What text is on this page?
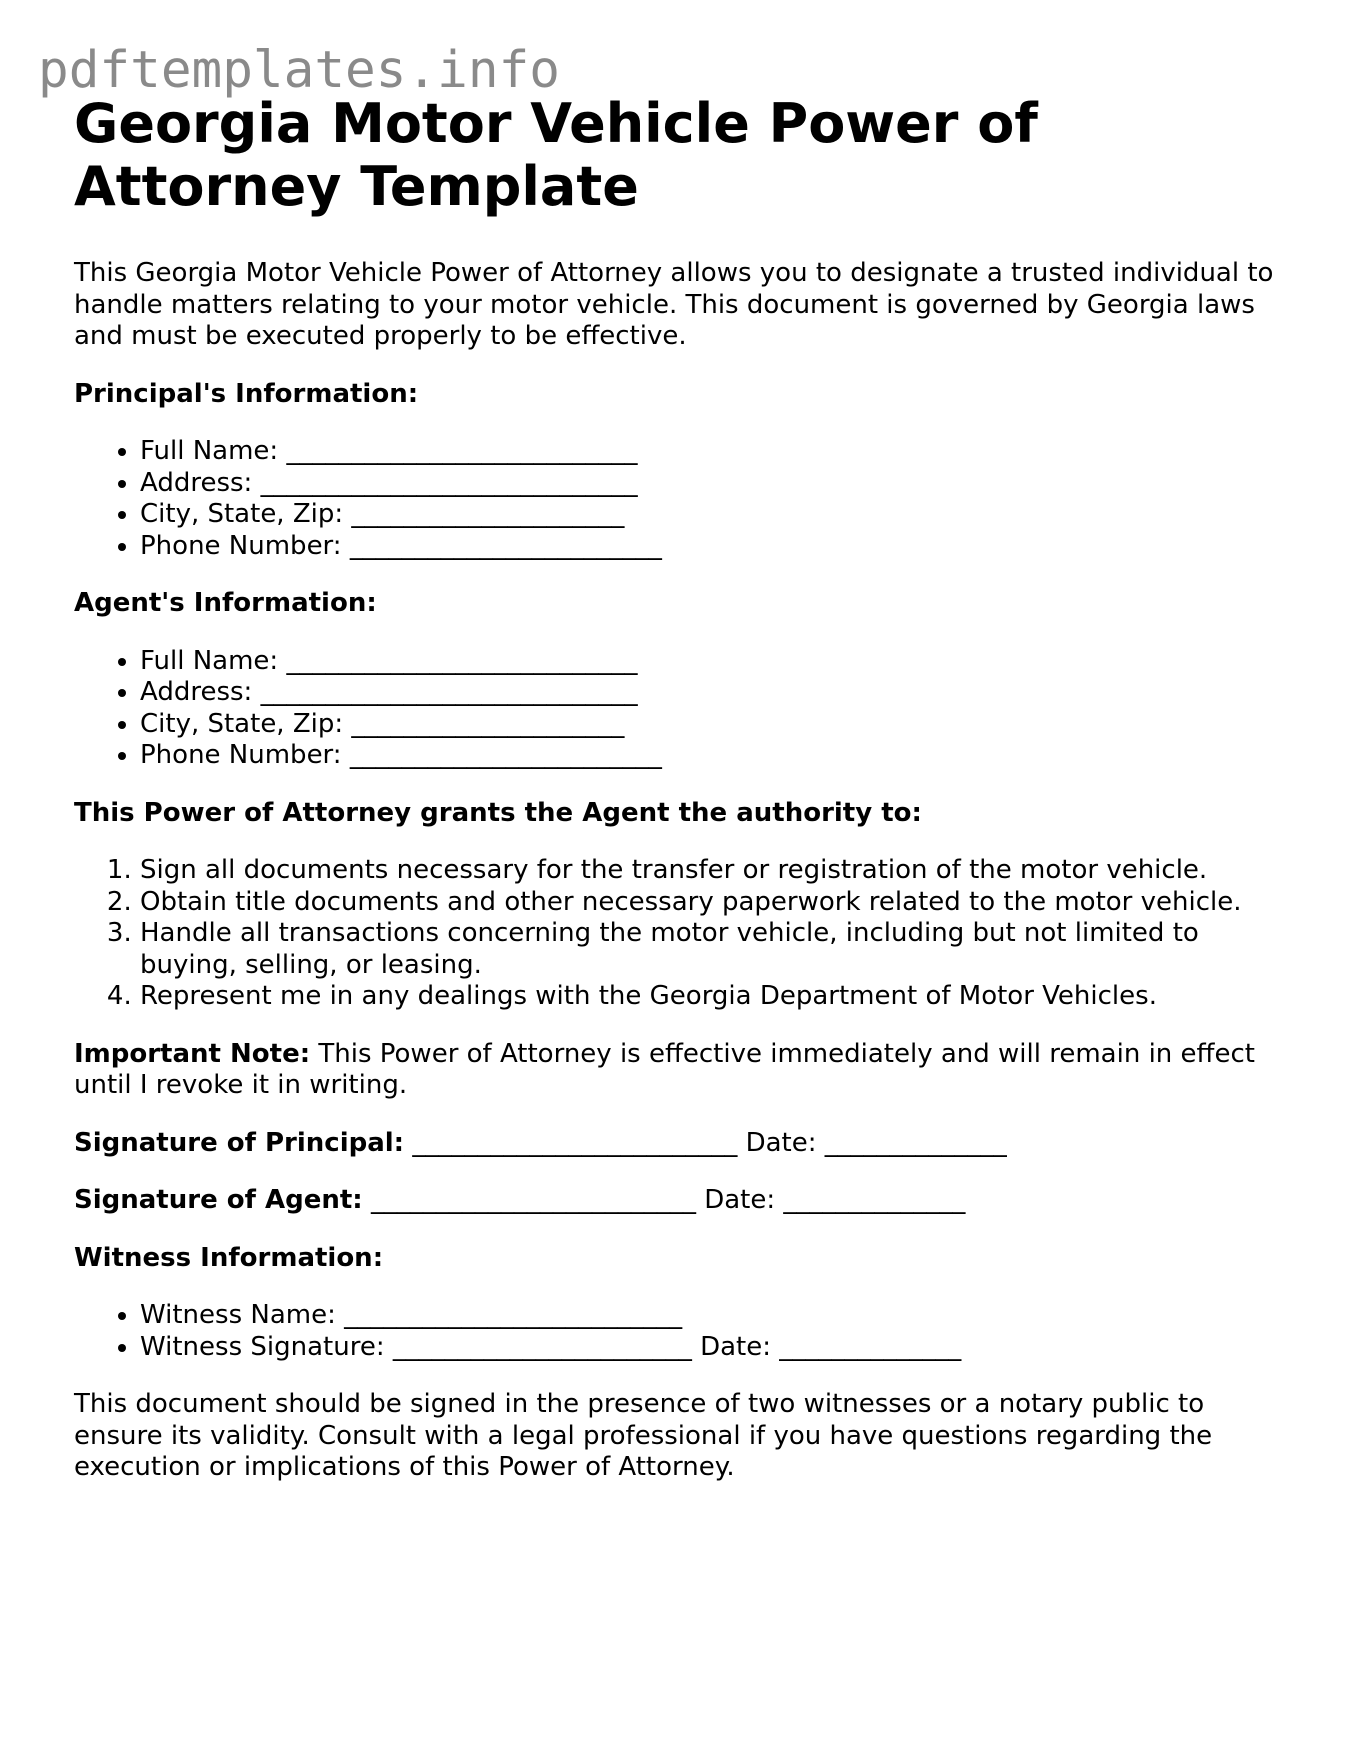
pdftemplates.info
Georgia Motor Vehicle Power of Attorney Template

This Georgia Motor Vehicle Power of Attorney allows you to designate a trusted individual to handle matters relating to your motor vehicle. This document is governed by Georgia laws and must be executed properly to be effective.

Principal's Information:

• Full Name: ___________________________
• Address: _____________________________
• City, State, Zip: _____________________
• Phone Number: ________________________

Agent's Information:

• Full Name: ___________________________
• Address: _____________________________
• City, State, Zip: _____________________
• Phone Number: ________________________

This Power of Attorney grants the Agent the authority to:

1. Sign all documents necessary for the transfer or registration of the motor vehicle.
2. Obtain title documents and other necessary paperwork related to the motor vehicle.
3. Handle all transactions concerning the motor vehicle, including but not limited to buying, selling, or leasing.
4. Represent me in any dealings with the Georgia Department of Motor Vehicles.

Important Note: This Power of Attorney is effective immediately and will remain in effect until I revoke it in writing.

Signature of Principal: _________________________ Date: ______________

Signature of Agent: _________________________ Date: ______________

Witness Information:

• Witness Name: __________________________
• Witness Signature: _______________________ Date: ______________

This document should be signed in the presence of two witnesses or a notary public to ensure its validity. Consult with a legal professional if you have questions regarding the execution or implications of this Power of Attorney.
